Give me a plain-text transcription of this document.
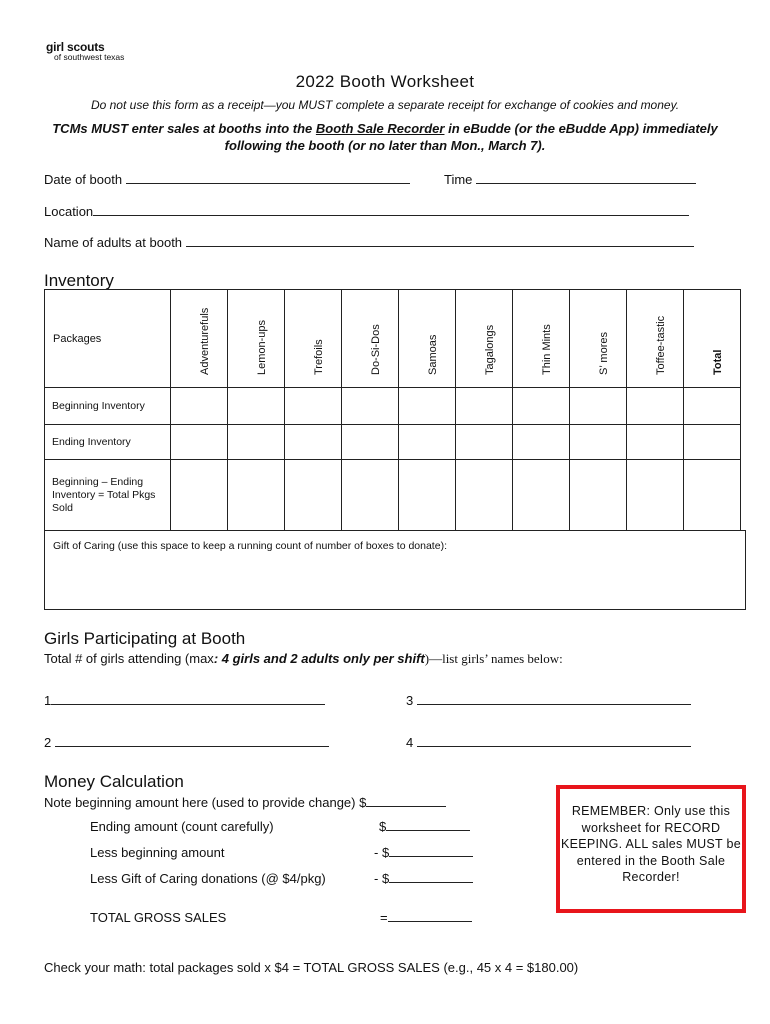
girl scouts
of southwest texas
2022 Booth Worksheet
Do not use this form as a receipt—you MUST complete a separate receipt for exchange of cookies and money.
TCMs MUST enter sales at booths into the Booth Sale Recorder in eBudde (or the eBudde App) immediately following the booth (or no later than Mon., March 7).
Date of booth	Time
Location
Name of adults at booth
Inventory
Packages	Adventurefuls	Lemon-ups	Trefoils	Do-Si-Dos	Samoas	Tagalongs	Thin Mints	S’ mores	Toffee-tastic	Total

Beginning Inventory										
Ending Inventory										
Beginning – Ending Inventory = Total Pkgs Sold										
Gift of Caring (use this space to keep a running count of number of boxes to donate):
Girls Participating at Booth
Total # of girls attending (max: 4 girls and 2 adults only per shift)—list girls’ names below:
1	3
2	4
Money Calculation
Note beginning amount here (used to provide change) $
Ending amount (count carefully)	$
Less beginning amount	- $
Less Gift of Caring donations (@ $4/pkg)	- $
TOTAL GROSS SALES	=
REMEMBER: Only use this worksheet for RECORD KEEPING. ALL sales MUST be entered in the Booth Sale Recorder!
Check your math: total packages sold x $4 = TOTAL GROSS SALES (e.g., 45 x 4 = $180.00)
